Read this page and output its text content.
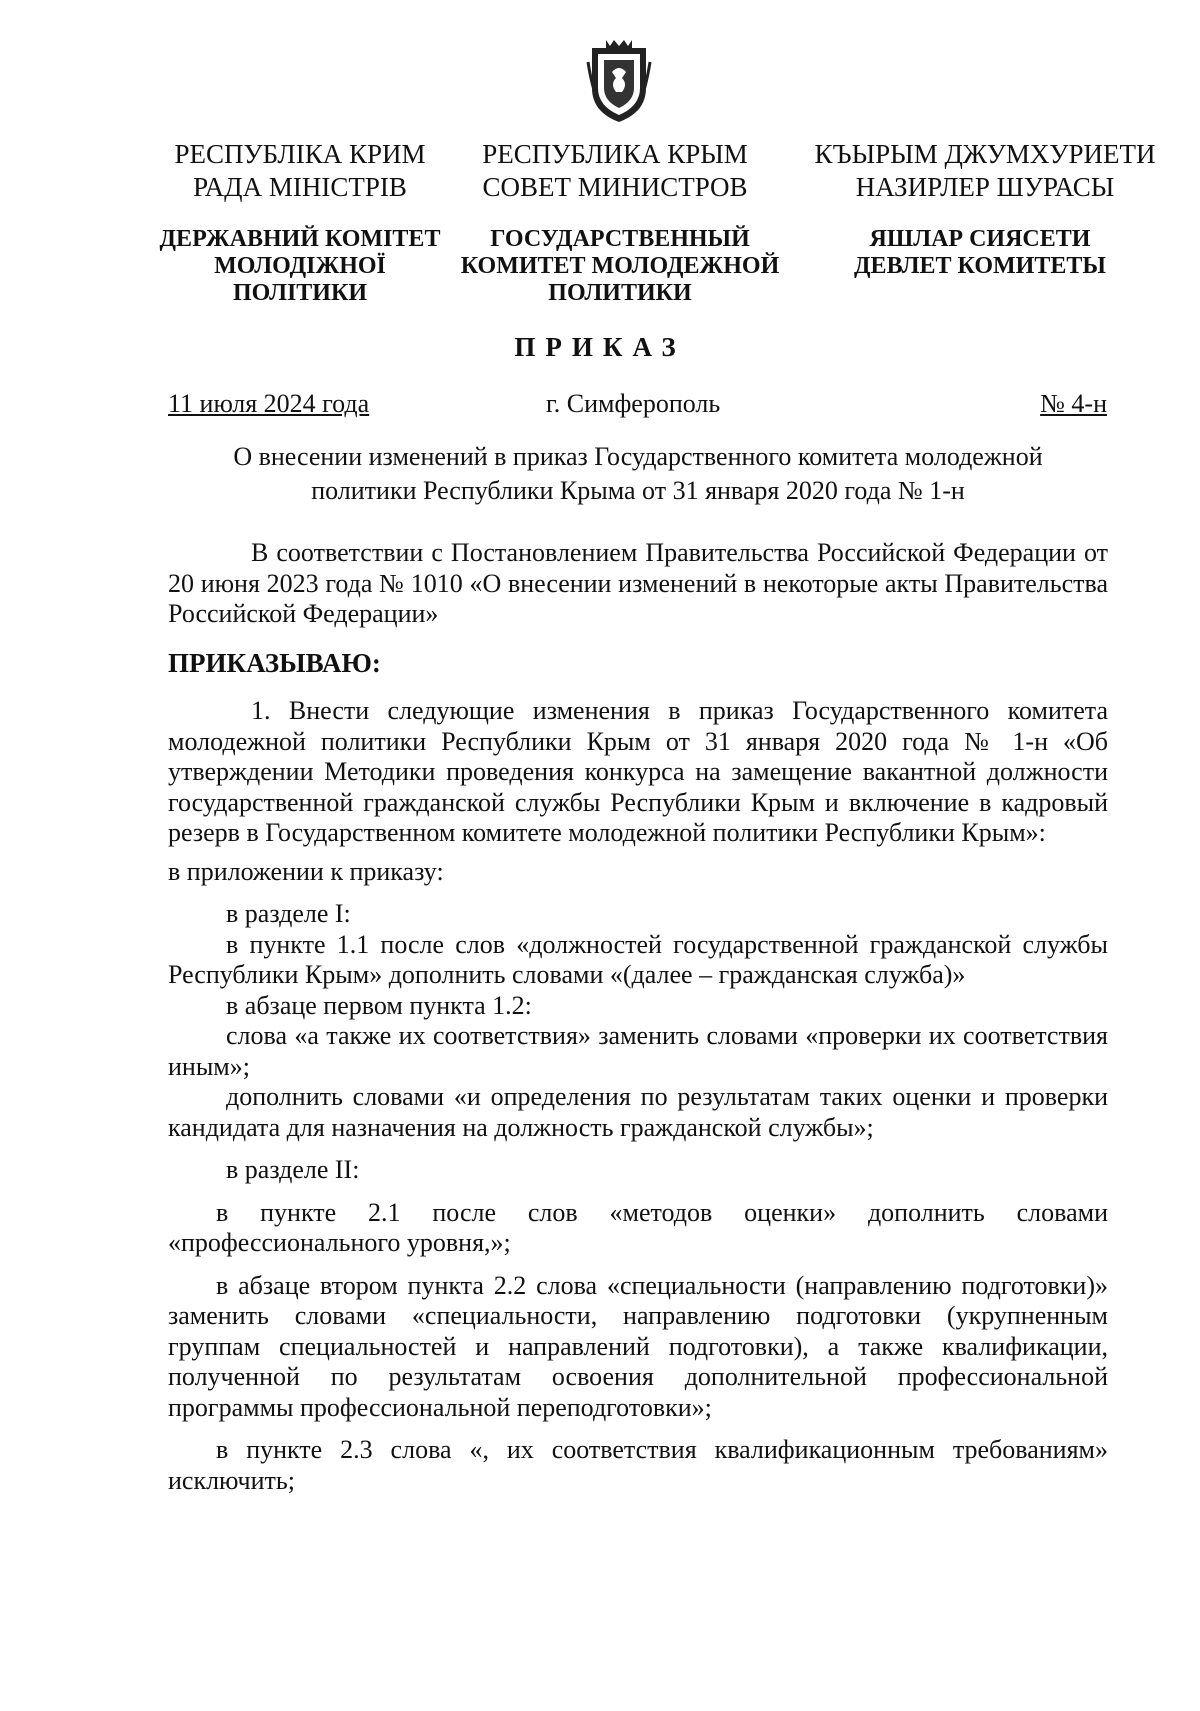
РЕСПУБЛІКА КРИМ
РАДА МІНІСТРІВ
РЕСПУБЛИКА КРЫМ
СОВЕТ МИНИСТРОВ
КЪЫРЫМ ДЖУМХУРИЕТИ
НАЗИРЛЕР ШУРАСЫ
ДЕРЖАВНИЙ КОМІТЕТ
МОЛОДІЖНОЇ
ПОЛІТИКИ
ГОСУДАРСТВЕННЫЙ
КОМИТЕТ МОЛОДЕЖНОЙ
ПОЛИТИКИ
ЯШЛАР СИЯСЕТИ
ДЕВЛЕТ КОМИТЕТЫ
ПРИКАЗ
11 июля 2024 года	г. Симферополь	№ 4-н
О внесении изменений в приказ Государственного комитета молодежной
политики Республики Крыма от 31 января 2020 года № 1-н

В соответствии с Постановлением Правительства Российской Федерации от 20 июня 2023 года № 1010 «О внесении изменений в некоторые акты Правительства Российской Федерации»

ПРИКАЗЫВАЮ:

1. Внести следующие изменения в приказ Государственного комитета молодежной политики Республики Крым от 31 января 2020 года № 1-н «Об утверждении Методики проведения конкурса на замещение вакантной должности государственной гражданской службы Республики Крым и включение в кадровый резерв в Государственном комитете молодежной политики Республики Крым»:

в приложении к приказу:

в разделе I:

в пункте 1.1 после слов «должностей государственной гражданской службы Республики Крым» дополнить словами «(далее – гражданская служба)»

в абзаце первом пункта 1.2:

слова «а также их соответствия» заменить словами «проверки их соответствия иным»;

дополнить словами «и определения по результатам таких оценки и проверки кандидата для назначения на должность гражданской службы»;

в разделе II:

в пункте 2.1 после слов «методов оценки» дополнить словами «профессионального уровня,»;

в абзаце втором пункта 2.2 слова «специальности (направлению подготовки)» заменить словами «специальности, направлению подготовки (укрупненным группам специальностей и направлений подготовки), а также квалификации, полученной по результатам освоения дополнительной профессиональной программы профессиональной переподготовки»;

в пункте 2.3 слова «, их соответствия квалификационным требованиям» исключить;
